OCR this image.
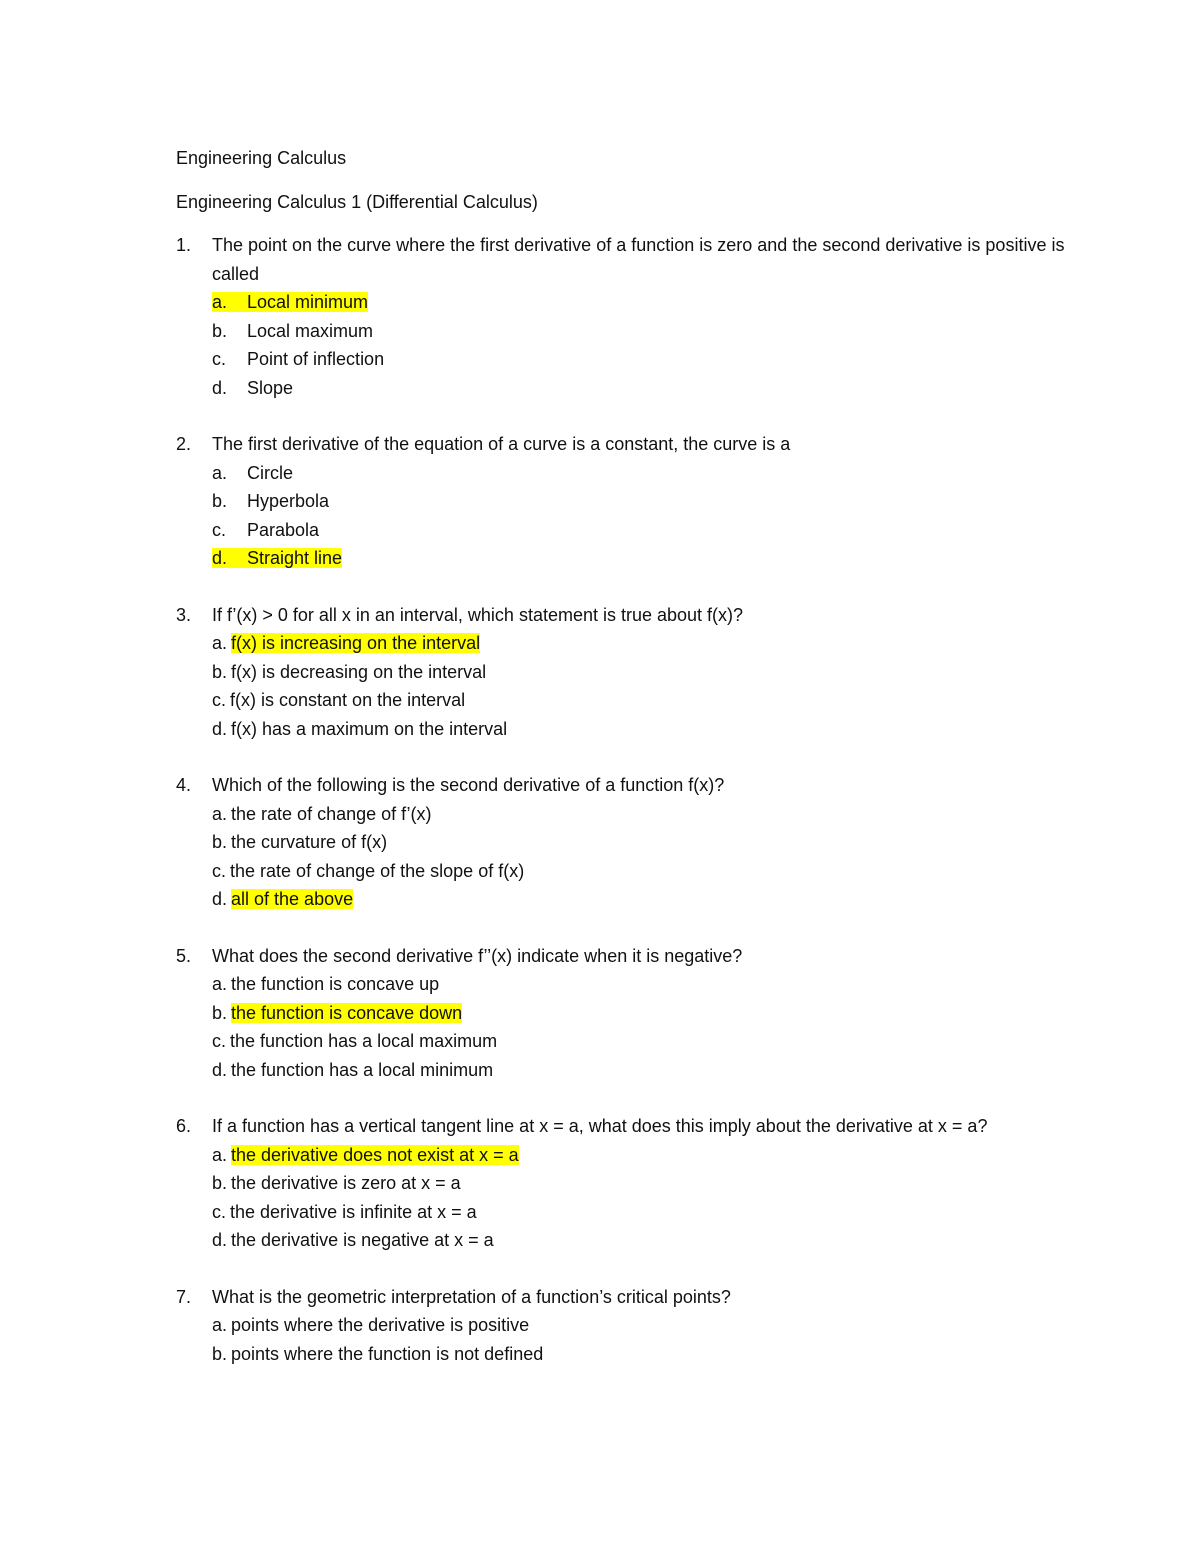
Engineering Calculus
Engineering Calculus 1 (Differential Calculus)
1.	The point on the curve where the first derivative of a function is zero and the second derivative is positive is called
a. Local minimum
b. Local maximum
c. Point of inflection
d. Slope
2.	The first derivative of the equation of a curve is a constant, the curve is a
a. Circle
b. Hyperbola
c. Parabola
d. Straight line
3.	If f’(x) > 0 for all x in an interval, which statement is true about f(x)?
a. f(x) is increasing on the interval
b. f(x) is decreasing on the interval
c. f(x) is constant on the interval
d. f(x) has a maximum on the interval
4.	Which of the following is the second derivative of a function f(x)?
a. the rate of change of f’(x)
b. the curvature of f(x)
c. the rate of change of the slope of f(x)
d. all of the above
5.	What does the second derivative f’’(x) indicate when it is negative?
a. the function is concave up
b. the function is concave down
c. the function has a local maximum
d. the function has a local minimum
6.	If a function has a vertical tangent line at x = a, what does this imply about the derivative at x = a?
a. the derivative does not exist at x = a
b. the derivative is zero at x = a
c. the derivative is infinite at x = a
d. the derivative is negative at x = a
7.	What is the geometric interpretation of a function’s critical points?
a. points where the derivative is positive
b. points where the function is not defined
